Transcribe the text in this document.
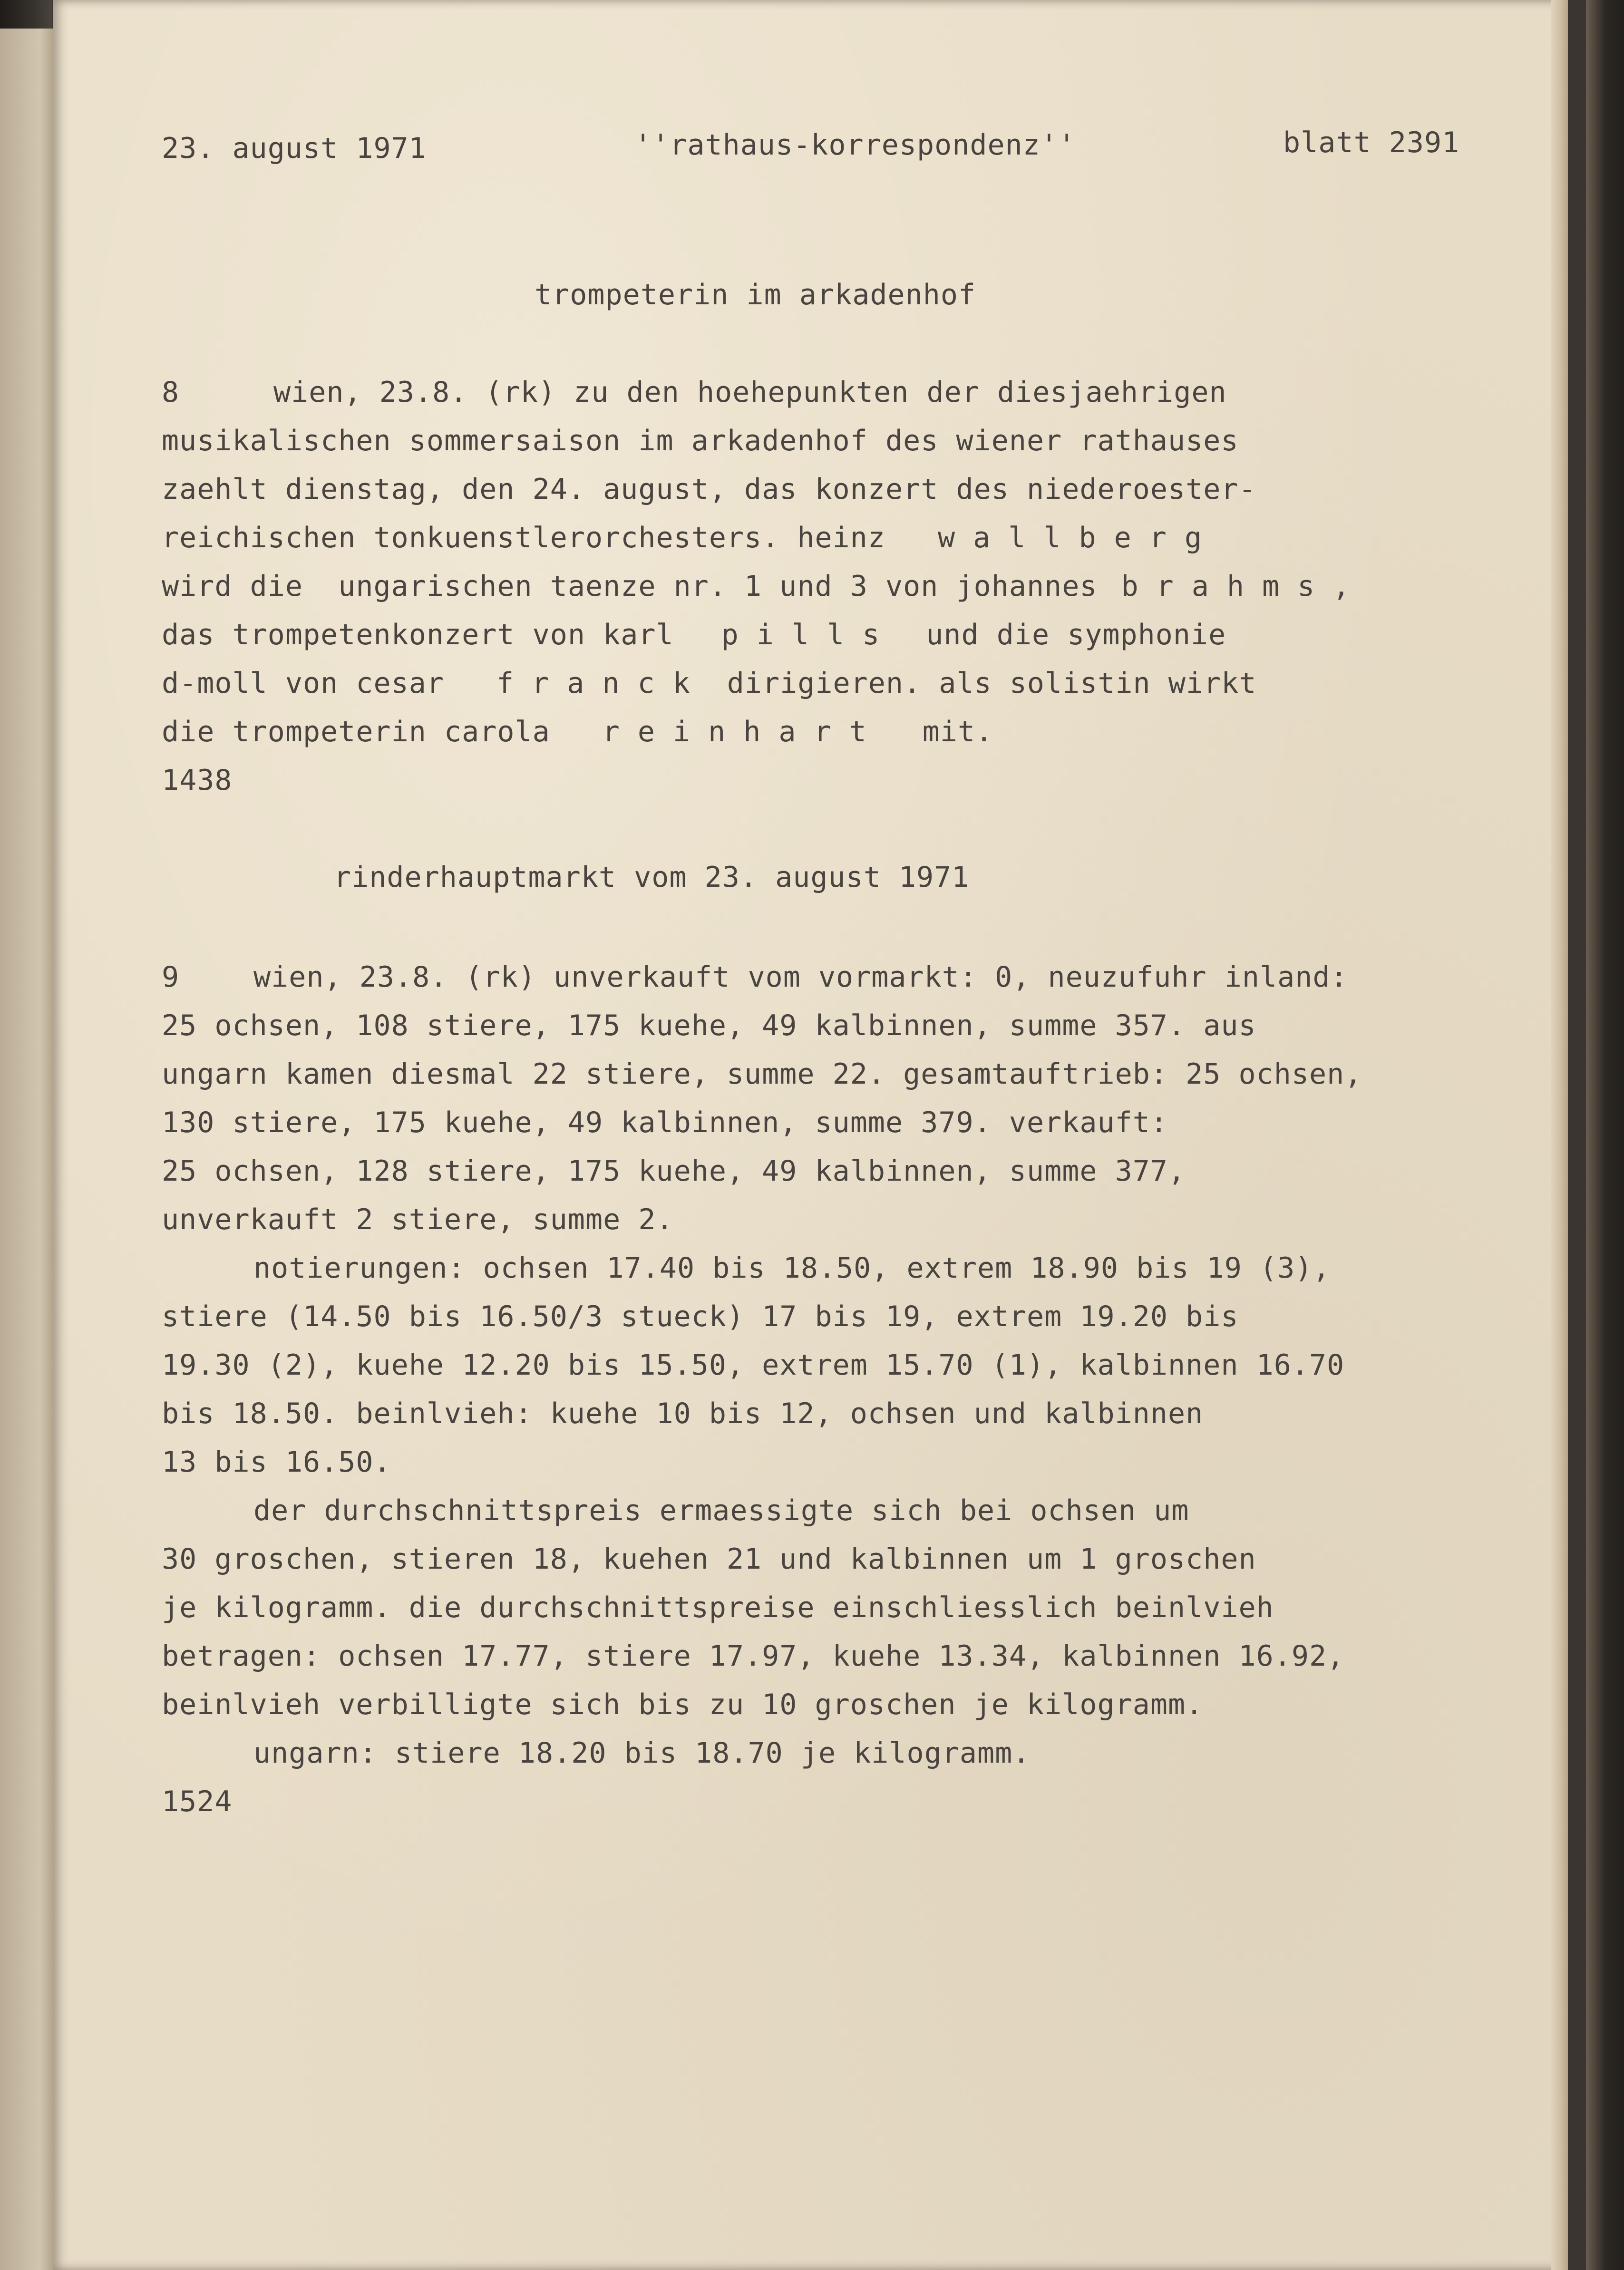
23. august 1971	''rathaus-korrespondenz''	blatt 2391
trompeterin im arkadenhof
8	wien, 23.8. (rk) zu den hoehepunkten der diesjaehrigen
musikalischen sommersaison im arkadenhof des wiener rathauses
zaehlt dienstag, den 24. august, das konzert des niederoester-
reichischen tonkuenstlerorchesters. heinz wallberg
wird die  ungarischen taenze nr. 1 und 3 von johannes brahms,
das trompetenkonzert von karl pills und die symphonie
d-moll von cesar franck dirigieren. als solistin wirkt
die trompeterin carola reinhart mit.
1438
rinderhauptmarkt vom 23. august 1971
9	wien, 23.8. (rk) unverkauft vom vormarkt: 0, neuzufuhr inland:
25 ochsen, 108 stiere, 175 kuehe, 49 kalbinnen, summe 357. aus
ungarn kamen diesmal 22 stiere, summe 22. gesamtauftrieb: 25 ochsen,
130 stiere, 175 kuehe, 49 kalbinnen, summe 379. verkauft:
25 ochsen, 128 stiere, 175 kuehe, 49 kalbinnen, summe 377,
unverkauft 2 stiere, summe 2.
notierungen: ochsen 17.40 bis 18.50, extrem 18.90 bis 19 (3),
stiere (14.50 bis 16.50/3 stueck) 17 bis 19, extrem 19.20 bis
19.30 (2), kuehe 12.20 bis 15.50, extrem 15.70 (1), kalbinnen 16.70
bis 18.50. beinlvieh: kuehe 10 bis 12, ochsen und kalbinnen
13 bis 16.50.
der durchschnittspreis ermaessigte sich bei ochsen um
30 groschen, stieren 18, kuehen 21 und kalbinnen um 1 groschen
je kilogramm. die durchschnittspreise einschliesslich beinlvieh
betragen: ochsen 17.77, stiere 17.97, kuehe 13.34, kalbinnen 16.92,
beinlvieh verbilligte sich bis zu 10 groschen je kilogramm.
ungarn: stiere 18.20 bis 18.70 je kilogramm.
1524
